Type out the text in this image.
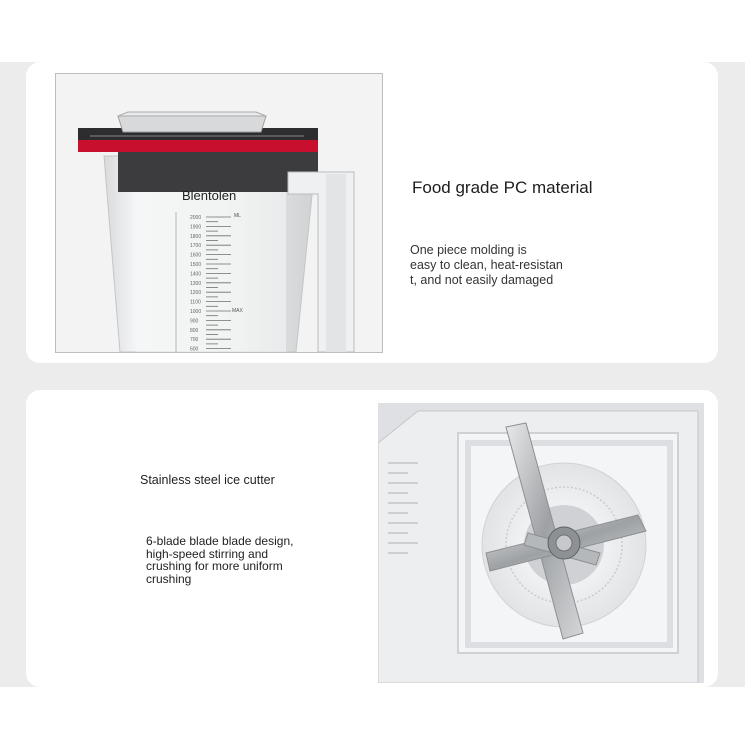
2000
1900
1800
1700
1600
1500
1400
1300
1200
1100
1000
900
800
700
600
Blentolen
ML
MAX
Food grade PC material
One piece molding is
easy to clean, heat-resistan
t, and not easily damaged
Stainless steel ice cutter
6-blade blade blade design,
high-speed stirring and
crushing for more uniform
crushing
